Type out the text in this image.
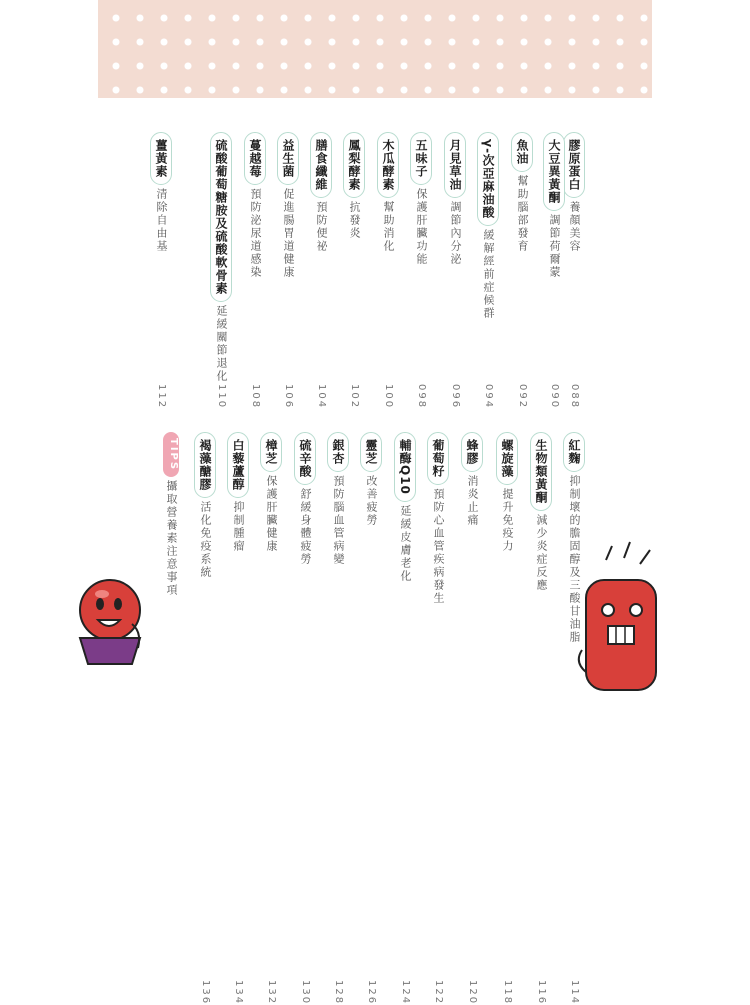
膠原蛋白
養顏美容
088
大豆異黃酮
調節荷爾蒙
090
魚油
幫助腦部發育
092
γ-次亞麻油酸
緩解經前症候群
094
月見草油
調節內分泌
096
五味子
保護肝臟功能
098
木瓜酵素
幫助消化
100
鳳梨酵素
抗發炎
102
膳食纖維
預防便祕
104
益生菌
促進腸胃道健康
106
蔓越莓
預防泌尿道感染
108
硫酸葡萄糖胺及硫酸軟骨素
延緩關節退化
110
薑黃素
清除自由基
112
紅麴
抑制壞的膽固醇及三酸甘油脂
114
生物類黃酮
減少炎症反應
116
螺旋藻
提升免疫力
118
蜂膠
消炎止痛
120
葡萄籽
預防心血管疾病發生
122
輔酶Q10
延緩皮膚老化
124
靈芝
改善疲勞
126
銀杏
預防腦血管病變
128
硫辛酸
舒緩身體疲勞
130
樟芝
保護肝臟健康
132
白藜蘆醇
抑制腫瘤
134
褐藻醣膠
活化免疫系統
136
TIPS
攝取營養素注意事項
